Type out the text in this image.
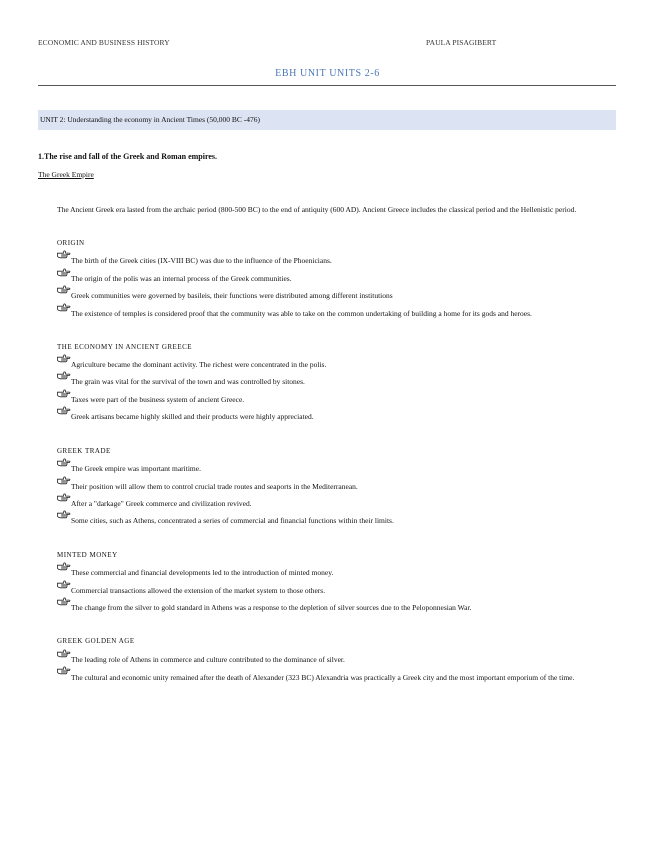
ECONOMIC AND BUSINESS HISTORY	PAULA PISAGIBERT
EBH UNIT UNITS 2-6
UNIT 2: Understanding the economy in Ancient Times (50,000 BC -476)
1.The rise and fall of the Greek and Roman empires.
The Greek Empire
The Ancient Greek era lasted from the archaic period (800-500 BC) to the end of antiquity (600 AD). Ancient Greece includes the classical period and the Hellenistic period.
ORIGIN
The birth of the Greek cities (IX-VIII BC) was due to the influence of the Phoenicians.
The origin of the polis was an internal process of the Greek communities.
Greek communities were governed by basileis, their functions were distributed among different institutions
The existence of temples is considered proof that the community was able to take on the common undertaking of building a home for its gods and heroes.
THE ECONOMY IN ANCIENT GREECE
Agriculture became the dominant activity. The richest were concentrated in the polis.
The grain was vital for the survival of the town and was controlled by sitones.
Taxes were part of the business system of ancient Greece.
Greek artisans became highly skilled and their products were highly appreciated.
GREEK TRADE
The Greek empire was important maritime.
Their position will allow them to control crucial trade routes and seaports in the Mediterranean.
After a "darkage" Greek commerce and civilization revived.
Some cities, such as Athens, concentrated a series of commercial and financial functions within their limits.
MINTED MONEY
These commercial and financial developments led to the introduction of minted money.
Commercial transactions allowed the extension of the market system to those others.
The change from the silver to gold standard in Athens was a response to the depletion of silver sources due to the Peloponnesian War.
GREEK GOLDEN AGE
The leading role of Athens in commerce and culture contributed to the dominance of silver.
The cultural and economic unity remained after the death of Alexander (323 BC) Alexandria was practically a Greek city and the most important emporium of the time.
